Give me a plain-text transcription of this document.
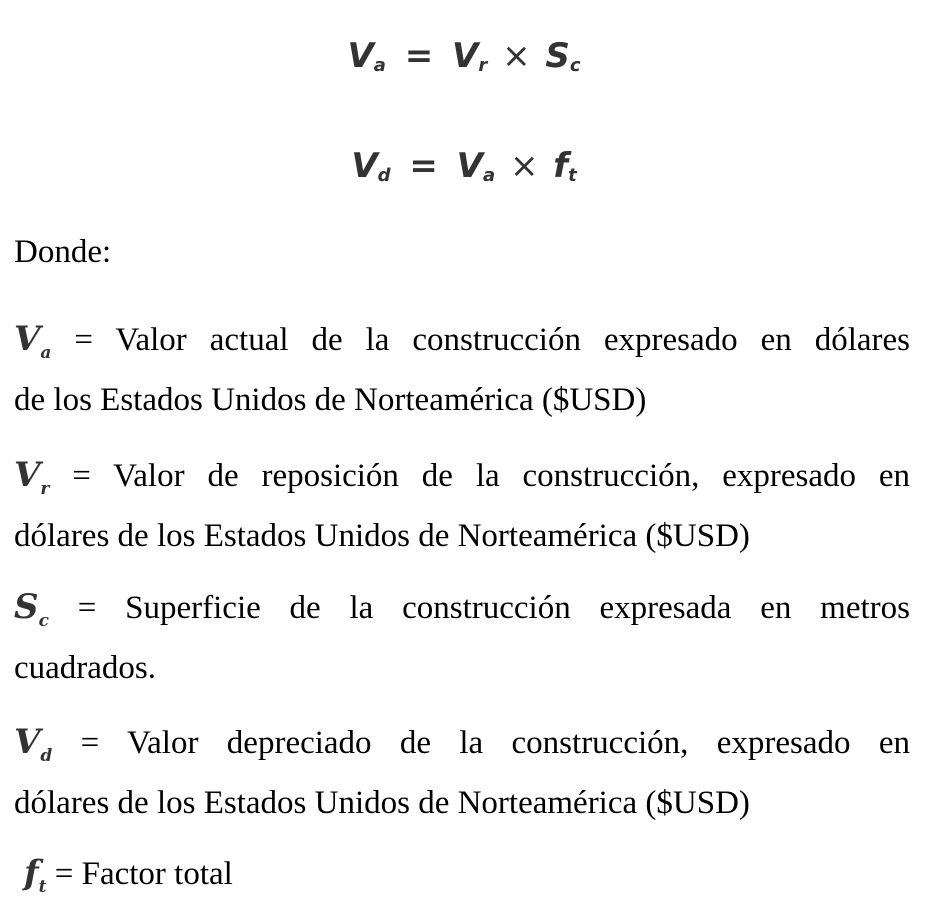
$V_a = V_r \times S_c$
$V_d = V_a \times f_t$
Donde:
$V_a$ = Valor actual de la construcción expresado en dólares
de los Estados Unidos de Norteamérica ($USD)
$V_r$ = Valor de reposición de la construcción, expresado en
dólares de los Estados Unidos de Norteamérica ($USD)
$S_c$ = Superficie de la construcción expresada en metros
cuadrados.
$V_d$ = Valor depreciado de la construcción, expresado en
dólares de los Estados Unidos de Norteamérica ($USD)
$f_t$ = Factor total
